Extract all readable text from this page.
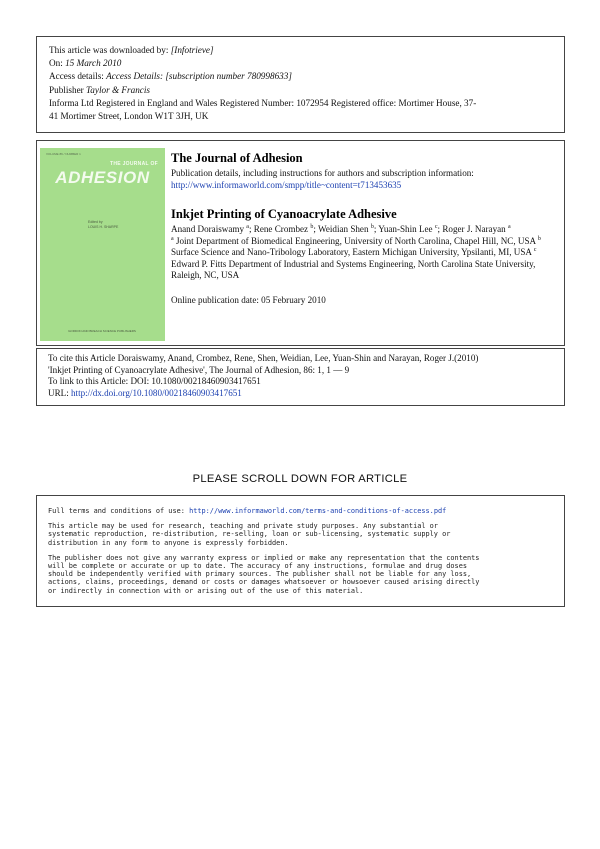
This article was downloaded by: [Infotrieve]

On: 15 March 2010

Access details: Access Details: [subscription number 780998633]

Publisher Taylor & Francis

Informa Ltd Registered in England and Wales Registered Number: 1072954 Registered office: Mortimer House, 37-

41 Mortimer Street, London W1T 3JH, UK

VOLUME 86 / NUMBER 1
THE JOURNAL OF
ADHESION
Edited by
LOUIS H. SHARPE
GORDON AND BREACH SCIENCE PUBLISHERS
The Journal of Adhesion

Publication details, including instructions for authors and subscription information:

http://www.informaworld.com/smpp/title~content=t713453635
Inkjet Printing of Cyanoacrylate Adhesive

Anand Doraiswamy $^a$; Rene Crombez $^b$; Weidian Shen $^b$; Yuan-Shin Lee $^c$; Roger J. Narayan $^a$

$^a$ Joint Department of Biomedical Engineering, University of North Carolina, Chapel Hill, NC, USA $^b$

Surface Science and Nano-Tribology Laboratory, Eastern Michigan University, Ypsilanti, MI, USA $^c$

Edward P. Fitts Department of Industrial and Systems Engineering, North Carolina State University,

Raleigh, NC, USA

Online publication date: 05 February 2010

To cite this Article Doraiswamy, Anand, Crombez, Rene, Shen, Weidian, Lee, Yuan-Shin and Narayan, Roger J.(2010)

'Inkjet Printing of Cyanoacrylate Adhesive', The Journal of Adhesion, 86: 1, 1 — 9

To link to this Article: DOI: 10.1080/00218460903417651

URL: http://dx.doi.org/10.1080/00218460903417651

PLEASE SCROLL DOWN FOR ARTICLE

Full terms and conditions of use: http://www.informaworld.com/terms-and-conditions-of-access.pdf

This article may be used for research, teaching and private study purposes. Any substantial or
systematic reproduction, re-distribution, re-selling, loan or sub-licensing, systematic supply or
distribution in any form to anyone is expressly forbidden.

The publisher does not give any warranty express or implied or make any representation that the contents
will be complete or accurate or up to date. The accuracy of any instructions, formulae and drug doses
should be independently verified with primary sources. The publisher shall not be liable for any loss,
actions, claims, proceedings, demand or costs or damages whatsoever or howsoever caused arising directly
or indirectly in connection with or arising out of the use of this material.
